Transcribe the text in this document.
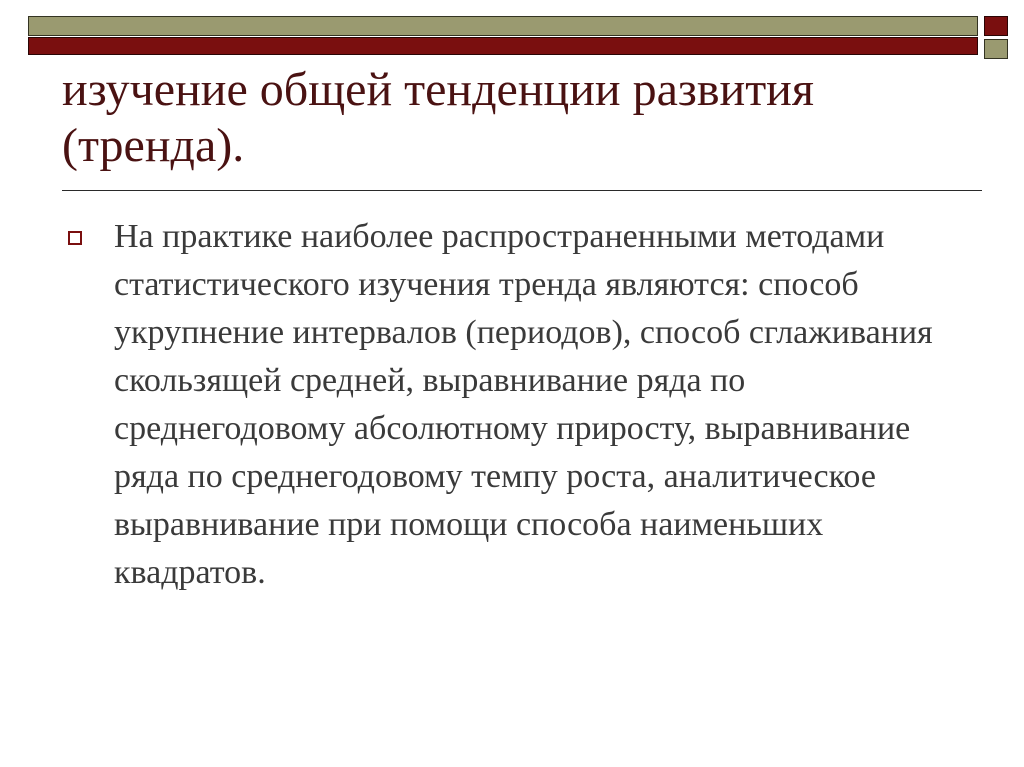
изучение общей тенденции развития (тренда).

На практике наиболее распространенными методами статистического изучения тренда являются: способ укрупнение интервалов (периодов), способ сглаживания скользящей средней, выравнивание ряда по среднегодовому абсолютному приросту, выравнивание ряда по среднегодовому темпу роста, аналитическое выравнивание при помощи способа наименьших квадратов.
